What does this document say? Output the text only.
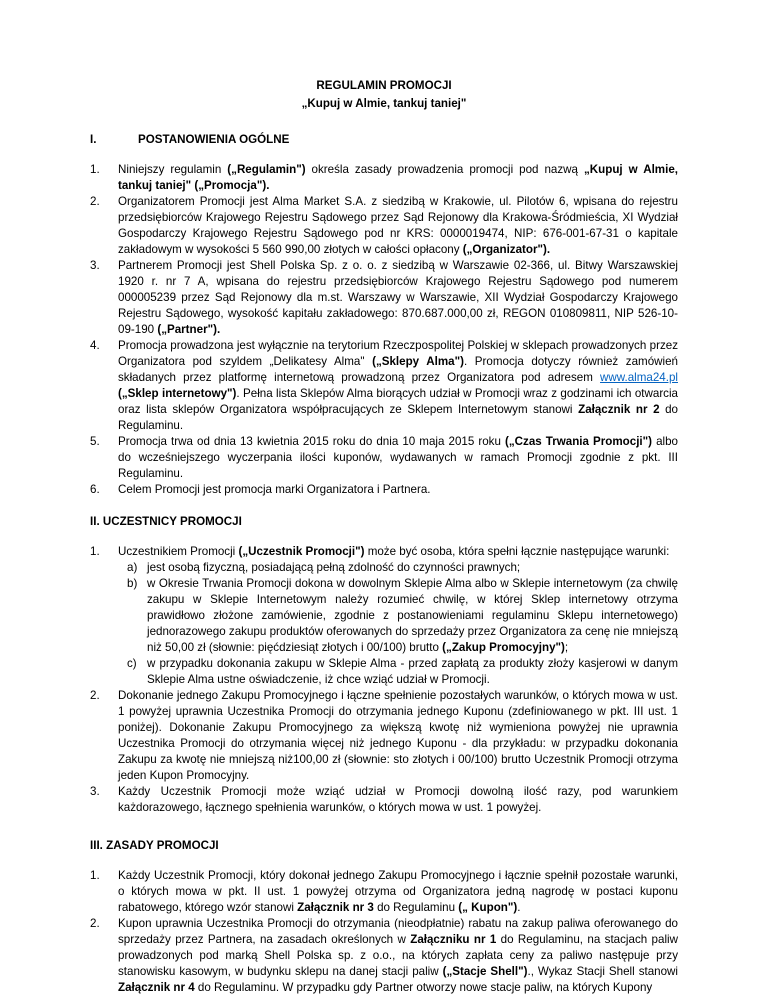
REGULAMIN PROMOCJI

„Kupuj w Almie, tankuj taniej"

I.	POSTANOWIENIA OGÓLNE
1.	Niniejszy regulamin („Regulamin") określa zasady prowadzenia promocji pod nazwą „Kupuj w Almie, tankuj taniej" („Promocja").
2.	Organizatorem Promocji jest Alma Market S.A. z siedzibą w Krakowie, ul. Pilotów 6, wpisana do rejestru przedsiębiorców Krajowego Rejestru Sądowego przez Sąd Rejonowy dla Krakowa-Śródmieścia, XI Wydział Gospodarczy Krajowego Rejestru Sądowego pod nr KRS: 0000019474, NIP: 676-001-67-31 o kapitale zakładowym w wysokości 5 560 990,00 złotych w całości opłacony („Organizator").
3.	Partnerem Promocji jest Shell Polska Sp. z o. o. z siedzibą w Warszawie 02-366, ul. Bitwy Warszawskiej 1920 r. nr 7 A, wpisana do rejestru przedsiębiorców Krajowego Rejestru Sądowego pod numerem 000005239 przez Sąd Rejonowy dla m.st. Warszawy w Warszawie, XII Wydział Gospodarczy Krajowego Rejestru Sądowego, wysokość kapitału zakładowego: 870.687.000,00 zł, REGON 010809811, NIP 526-10-09-190 („Partner").
4.	Promocja prowadzona jest wyłącznie na terytorium Rzeczpospolitej Polskiej w sklepach prowadzonych przez Organizatora pod szyldem „Delikatesy Alma" („Sklepy Alma"). Promocja dotyczy również zamówień składanych przez platformę internetową prowadzoną przez Organizatora pod adresem www.alma24.pl („Sklep internetowy"). Pełna lista Sklepów Alma biorących udział w Promocji wraz z godzinami ich otwarcia oraz lista sklepów Organizatora współpracujących ze Sklepem Internetowym stanowi Załącznik nr 2 do Regulaminu.
5.	Promocja trwa od dnia 13 kwietnia 2015 roku do dnia 10 maja 2015 roku („Czas Trwania Promocji") albo do wcześniejszego wyczerpania ilości kuponów, wydawanych w ramach Promocji zgodnie z pkt. III Regulaminu.
6.	Celem Promocji jest promocja marki Organizatora i Partnera.
II. UCZESTNICY PROMOCJI
1.	Uczestnikiem Promocji („Uczestnik Promocji") może być osoba, która spełni łącznie następujące warunki:
a) jest osobą fizyczną, posiadającą pełną zdolność do czynności prawnych;
b) w Okresie Trwania Promocji dokona w dowolnym Sklepie Alma albo w Sklepie internetowym (za chwilę zakupu w Sklepie Internetowym należy rozumieć chwilę, w której Sklep internetowy otrzyma prawidłowo złożone zamówienie, zgodnie z postanowieniami regulaminu Sklepu internetowego) jednorazowego zakupu produktów oferowanych do sprzedaży przez Organizatora za cenę nie mniejszą niż 50,00 zł (słownie: pięćdziesiąt złotych i 00/100) brutto („Zakup Promocyjny");
c) w przypadku dokonania zakupu w Sklepie Alma - przed zapłatą za produkty złoży kasjerowi w danym Sklepie Alma ustne oświadczenie, iż chce wziąć udział w Promocji.
2.	Dokonanie jednego Zakupu Promocyjnego i łączne spełnienie pozostałych warunków, o których mowa w ust. 1 powyżej uprawnia Uczestnika Promocji do otrzymania jednego Kuponu (zdefiniowanego w pkt. III ust. 1 poniżej). Dokonanie Zakupu Promocyjnego za większą kwotę niż wymieniona powyżej nie uprawnia Uczestnika Promocji do otrzymania więcej niż jednego Kuponu - dla przykładu: w przypadku dokonania Zakupu za kwotę nie mniejszą niż100,00 zł (słownie: sto złotych i 00/100) brutto Uczestnik Promocji otrzyma jeden Kupon Promocyjny.
3.	Każdy Uczestnik Promocji może wziąć udział w Promocji dowolną ilość razy, pod warunkiem każdorazowego, łącznego spełnienia warunków, o których mowa w ust. 1 powyżej.
III. ZASADY PROMOCJI
1.	Każdy Uczestnik Promocji, który dokonał jednego Zakupu Promocyjnego i łącznie spełnił pozostałe warunki, o których mowa w pkt. II ust. 1 powyżej otrzyma od Organizatora jedną nagrodę w postaci kuponu rabatowego, którego wzór stanowi Załącznik nr 3 do Regulaminu („ Kupon").
2.	Kupon uprawnia Uczestnika Promocji do otrzymania (nieodpłatnie) rabatu na zakup paliwa oferowanego do sprzedaży przez Partnera, na zasadach określonych w Załączniku nr 1 do Regulaminu, na stacjach paliw prowadzonych pod marką Shell Polska sp. z o.o., na których zapłata ceny za paliwo następuje przy stanowisku kasowym, w budynku sklepu na danej stacji paliw („Stacje Shell")., Wykaz Stacji Shell stanowi Załącznik nr 4 do Regulaminu. W przypadku gdy Partner otworzy nowe stacje paliw, na których Kupony
